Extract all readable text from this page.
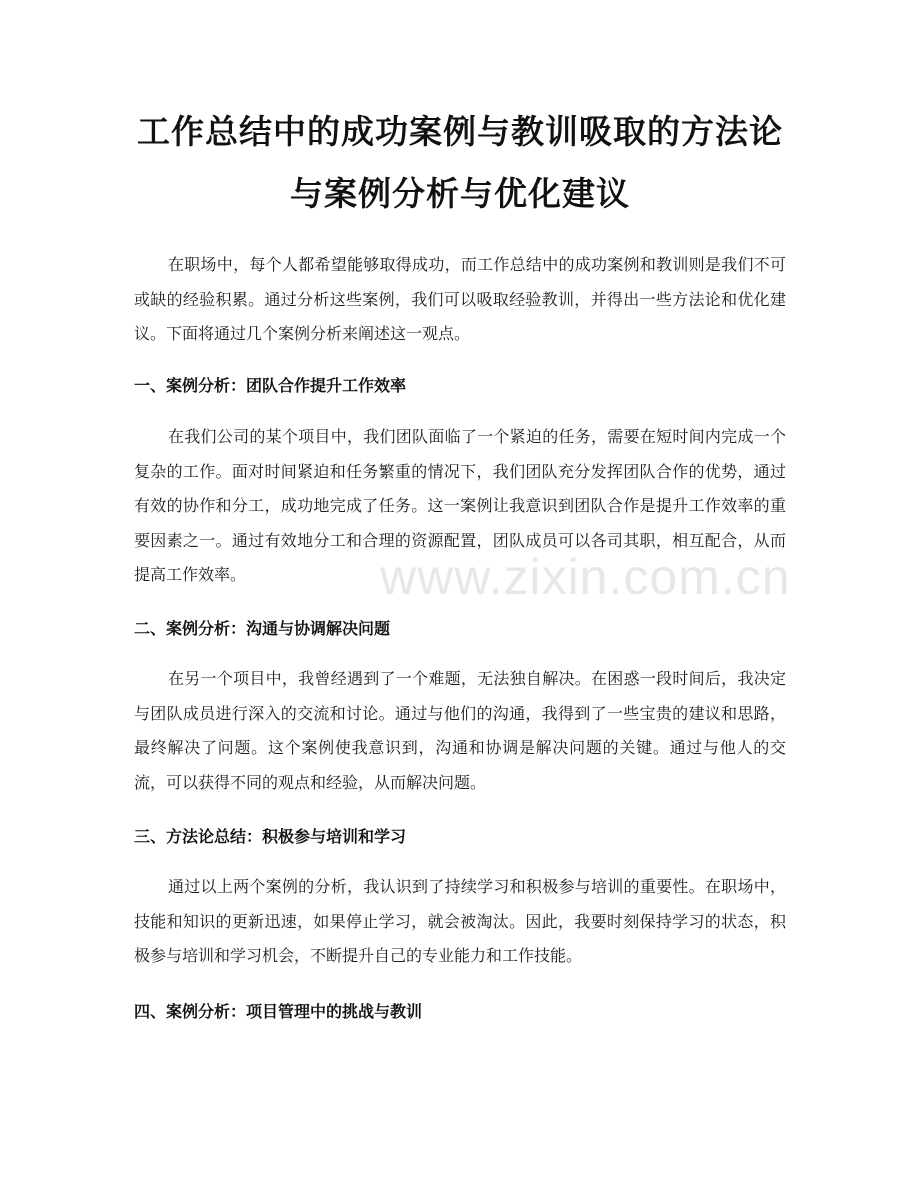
工作总结中的成功案例与教训吸取的方法论
与案例分析与优化建议

在职场中，每个人都希望能够取得成功，而工作总结中的成功案例和教训则是我们不可或缺的经验积累。通过分析这些案例，我们可以吸取经验教训，并得出一些方法论和优化建议。下面将通过几个案例分析来阐述这一观点。

一、案例分析：团队合作提升工作效率

在我们公司的某个项目中，我们团队面临了一个紧迫的任务，需要在短时间内完成一个复杂的工作。面对时间紧迫和任务繁重的情况下，我们团队充分发挥团队合作的优势，通过有效的协作和分工，成功地完成了任务。这一案例让我意识到团队合作是提升工作效率的重要因素之一。通过有效地分工和合理的资源配置，团队成员可以各司其职，相互配合，从而提高工作效率。

二、案例分析：沟通与协调解决问题

在另一个项目中，我曾经遇到了一个难题，无法独自解决。在困惑一段时间后，我决定与团队成员进行深入的交流和讨论。通过与他们的沟通，我得到了一些宝贵的建议和思路，最终解决了问题。这个案例使我意识到，沟通和协调是解决问题的关键。通过与他人的交流，可以获得不同的观点和经验，从而解决问题。

三、方法论总结：积极参与培训和学习

通过以上两个案例的分析，我认识到了持续学习和积极参与培训的重要性。在职场中，技能和知识的更新迅速，如果停止学习，就会被淘汰。因此，我要时刻保持学习的状态，积极参与培训和学习机会，不断提升自己的专业能力和工作技能。

四、案例分析：项目管理中的挑战与教训
www.zixin.com.cn
